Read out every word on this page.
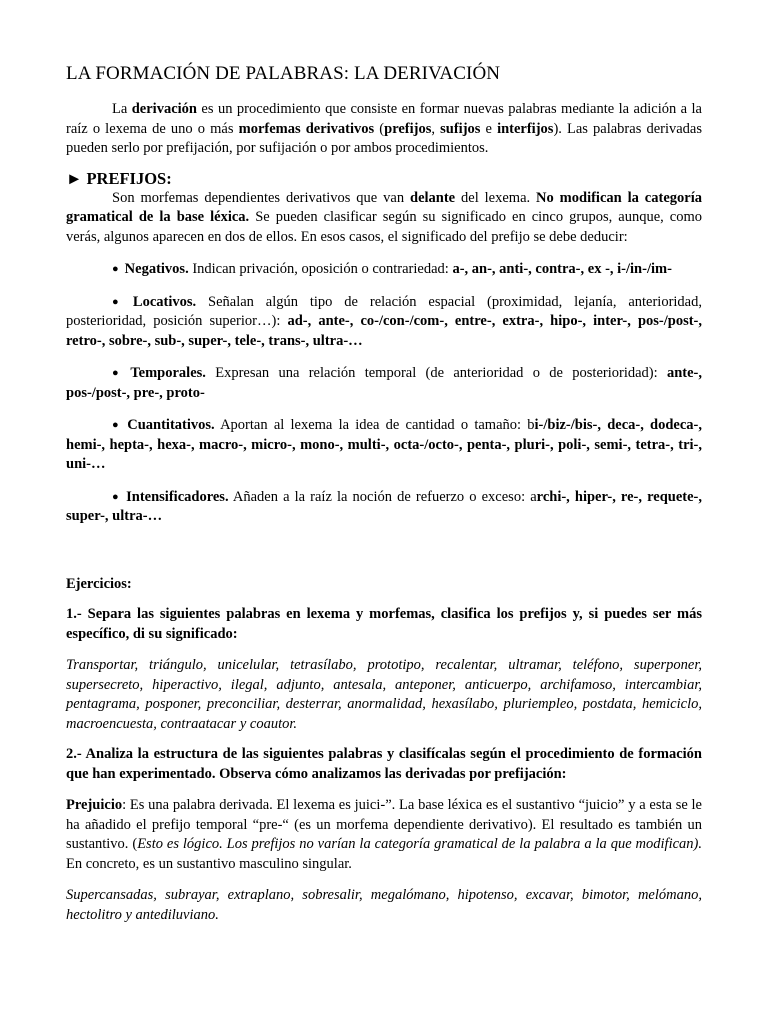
LA FORMACIÓN DE PALABRAS: LA DERIVACIÓN

La derivación es un procedimiento que consiste en formar nuevas palabras mediante la adición a la raíz o lexema de uno o más morfemas derivativos (prefijos, sufijos e interfijos). Las palabras derivadas pueden serlo por prefijación, por sufijación o por ambos procedimientos.

► PREFIJOS:

Son morfemas dependientes derivativos que van delante del lexema. No modifican la categoría gramatical de la base léxica. Se pueden clasificar según su significado en cinco grupos, aunque, como verás, algunos aparecen en dos de ellos. En esos casos, el significado del prefijo se debe deducir:

● Negativos. Indican privación, oposición o contrariedad: a-, an-, anti-, contra-, ex -, i-/in-/im-

● Locativos. Señalan algún tipo de relación espacial (proximidad, lejanía, anterioridad, posterioridad, posición superior…): ad-, ante-, co-/con-/com-, entre-, extra-, hipo-, inter-, pos-/post-, retro-, sobre-, sub-, super-, tele-, trans-, ultra-…

● Temporales. Expresan una relación temporal (de anterioridad o de posterioridad): ante-, pos-/post-, pre-, proto-

● Cuantitativos. Aportan al lexema la idea de cantidad o tamaño: bi-/biz-/bis-, deca-, dodeca-, hemi-, hepta-, hexa-, macro-, micro-, mono-, multi-, octa-/octo-, penta-, pluri-, poli-, semi-, tetra-, tri-, uni-…

● Intensificadores. Añaden a la raíz la noción de refuerzo o exceso: archi-, hiper-, re-, requete-, super-, ultra-…

Ejercicios:

1.- Separa las siguientes palabras en lexema y morfemas, clasifica los prefijos y, si puedes ser más específico, di su significado:

Transportar, triángulo, unicelular, tetrasílabo, prototipo, recalentar, ultramar, teléfono, superponer, supersecreto, hiperactivo, ilegal, adjunto, antesala, anteponer, anticuerpo, archifamoso, intercambiar, pentagrama, posponer, preconciliar, desterrar, anormalidad, hexasílabo, pluriempleo, postdata, hemiciclo, macroencuesta, contraatacar y coautor.

2.- Analiza la estructura de las siguientes palabras y clasifícalas según el procedimiento de formación que han experimentado. Observa cómo analizamos las derivadas por prefijación:

Prejuicio: Es una palabra derivada. El lexema es juici-”. La base léxica es el sustantivo “juicio” y a esta se le ha añadido el prefijo temporal “pre-“ (es un morfema dependiente derivativo). El resultado es también un sustantivo. (Esto es lógico. Los prefijos no varían la categoría gramatical de la palabra a la que modifican). En concreto, es un sustantivo masculino singular.

Supercansadas, subrayar, extraplano, sobresalir, megalómano, hipotenso, excavar, bimotor, melómano, hectolitro y antediluviano.
